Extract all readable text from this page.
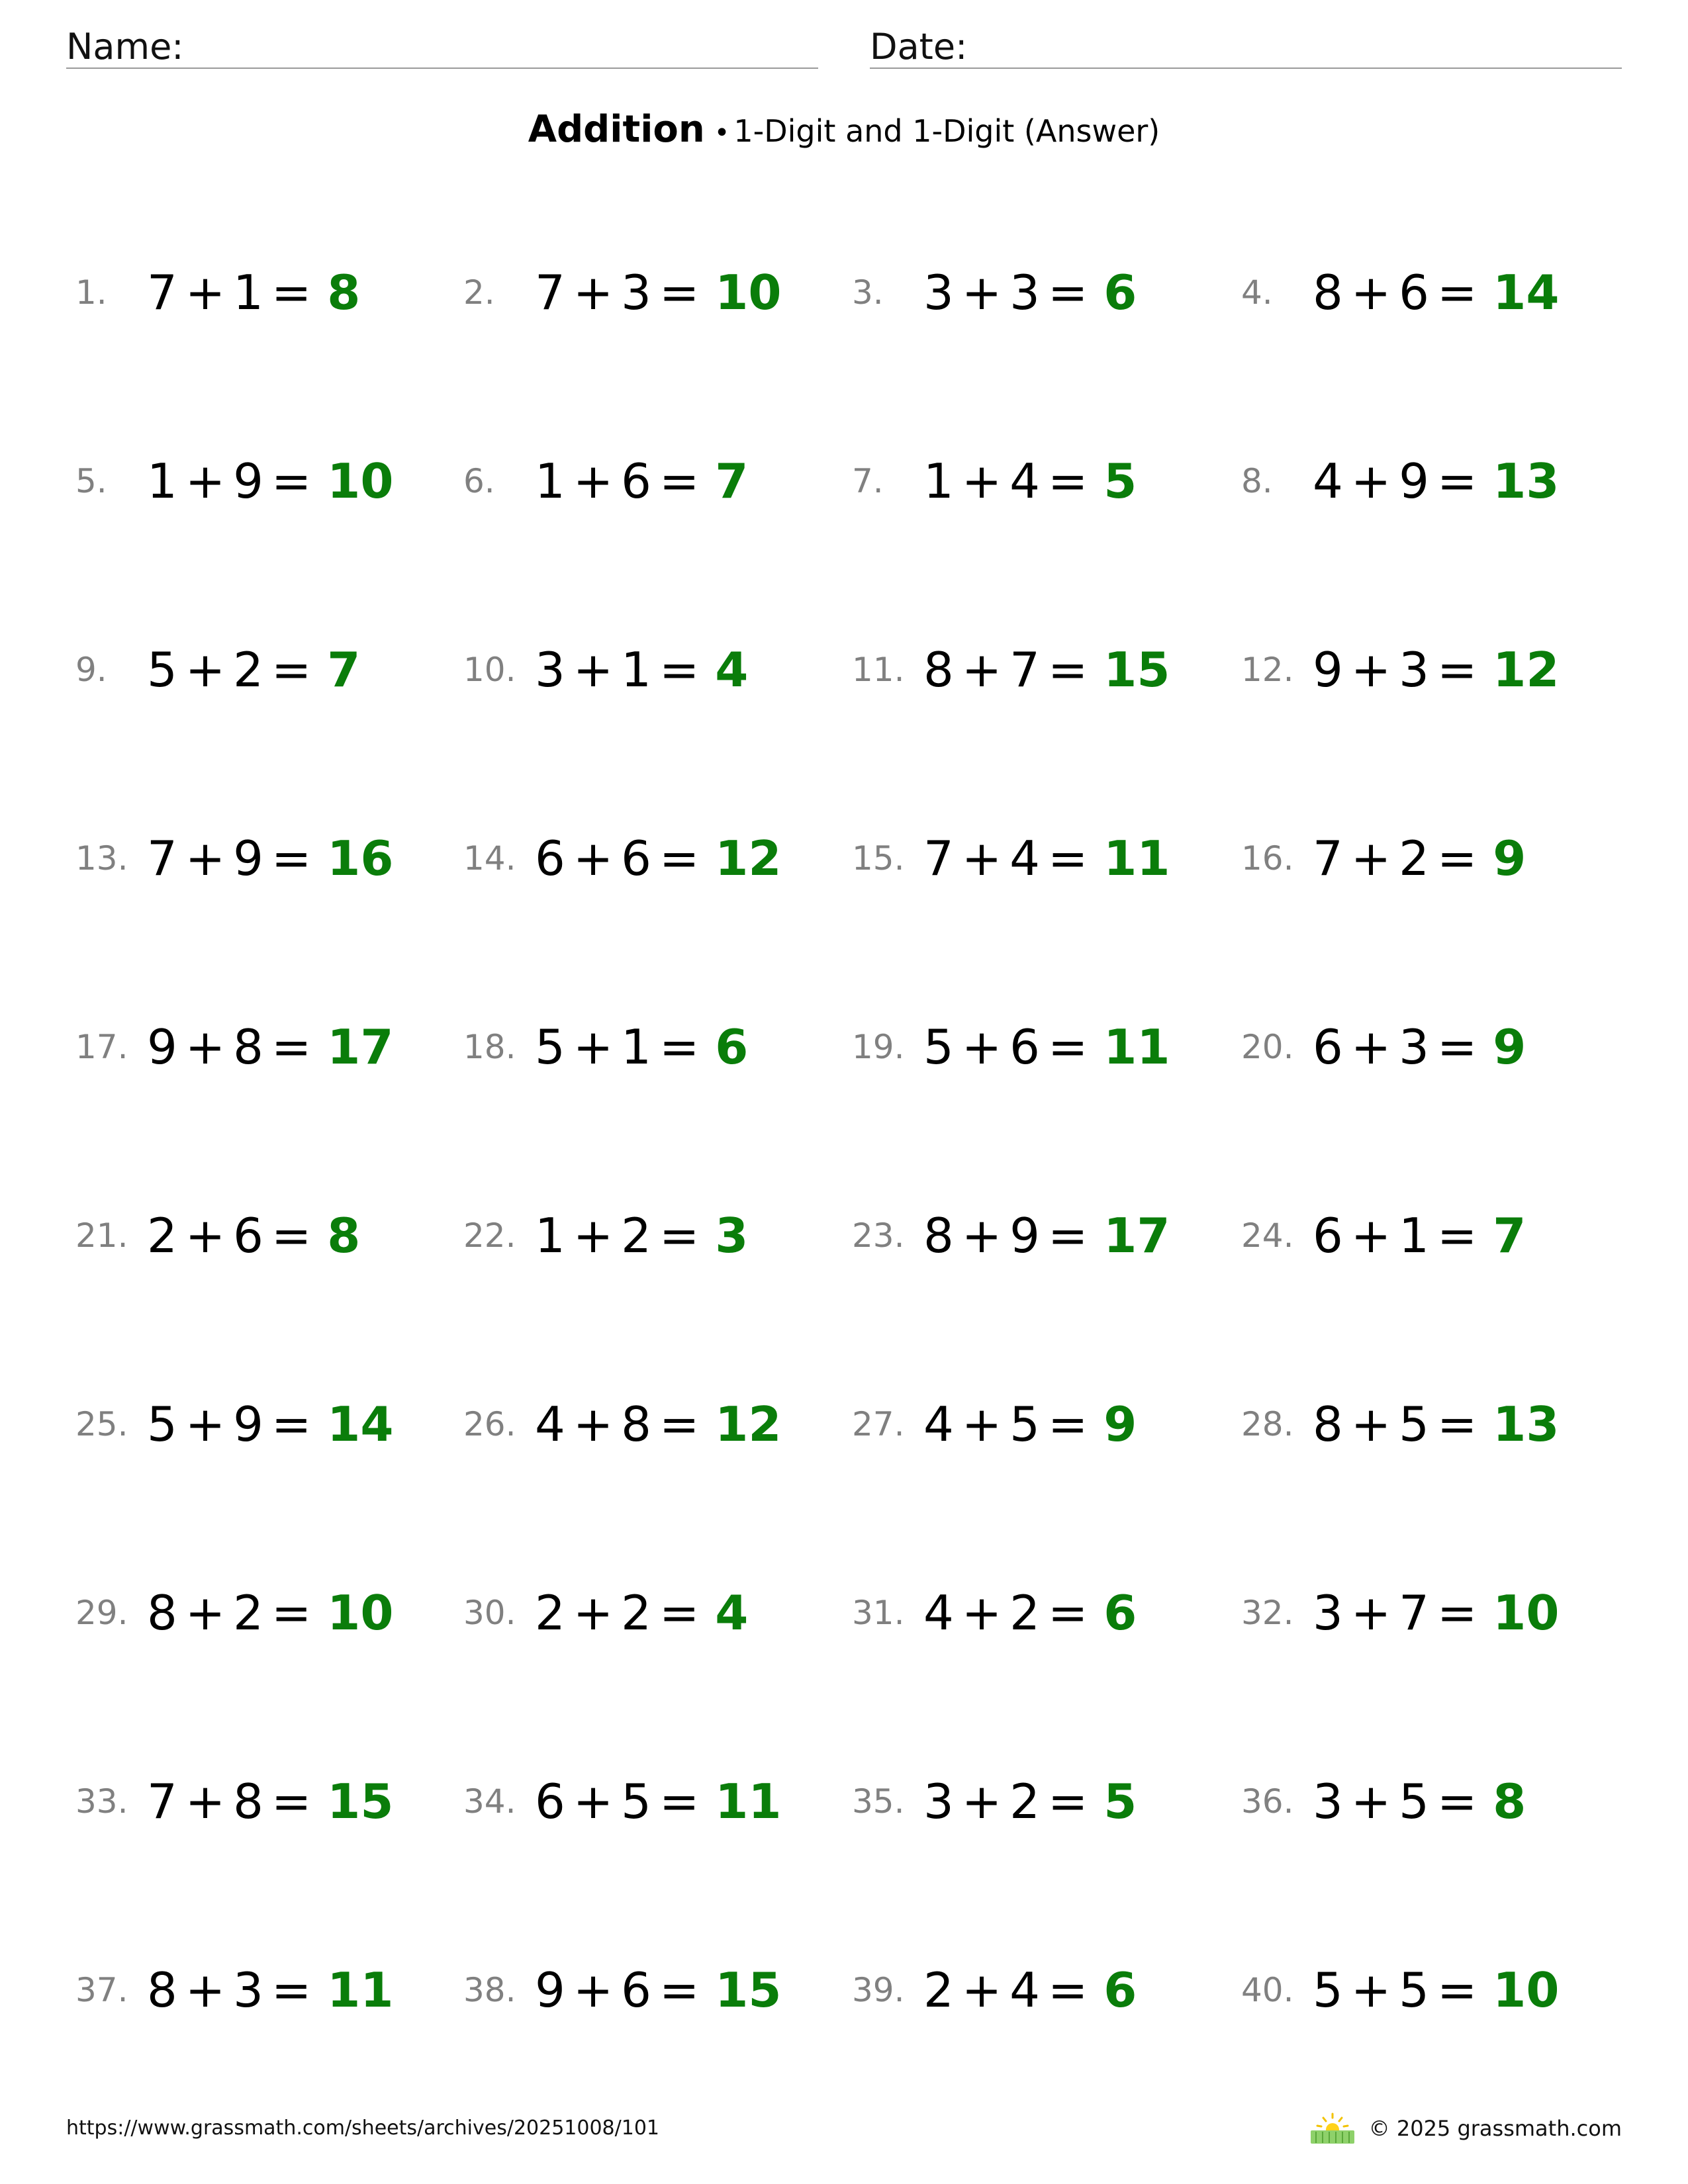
Name:	Date:
Addition • 1-Digit and 1-Digit (Answer)
1. 7 + 1 = 8	2. 7 + 3 = 10 3. 3 + 3 = 6	4. 8 + 6 = 14
5. 1 + 9 = 10 6. 1 + 6 = 7	7. 1 + 4 = 5	8. 4 + 9 = 13
9. 5 + 2 = 7	10. 3 + 1 = 4	11. 8 + 7 = 15 12. 9 + 3 = 12
13. 7 + 9 = 16 14. 6 + 6 = 12 15. 7 + 4 = 11 16. 7 + 2 = 9
17. 9 + 8 = 17 18. 5 + 1 = 6	19. 5 + 6 = 11 20. 6 + 3 = 9
21. 2 + 6 = 8	22. 1 + 2 = 3	23. 8 + 9 = 17 24. 6 + 1 = 7
25. 5 + 9 = 14 26. 4 + 8 = 12 27. 4 + 5 = 9	28. 8 + 5 = 13
29. 8 + 2 = 10 30. 2 + 2 = 4	31. 4 + 2 = 6	32. 3 + 7 = 10
33. 7 + 8 = 15 34. 6 + 5 = 11 35. 3 + 2 = 5	36. 3 + 5 = 8
37. 8 + 3 = 11 38. 9 + 6 = 15 39. 2 + 4 = 6	40. 5 + 5 = 10
https://www.grassmath.com/sheets/archives/20251008/101	© 2025 grassmath.com
